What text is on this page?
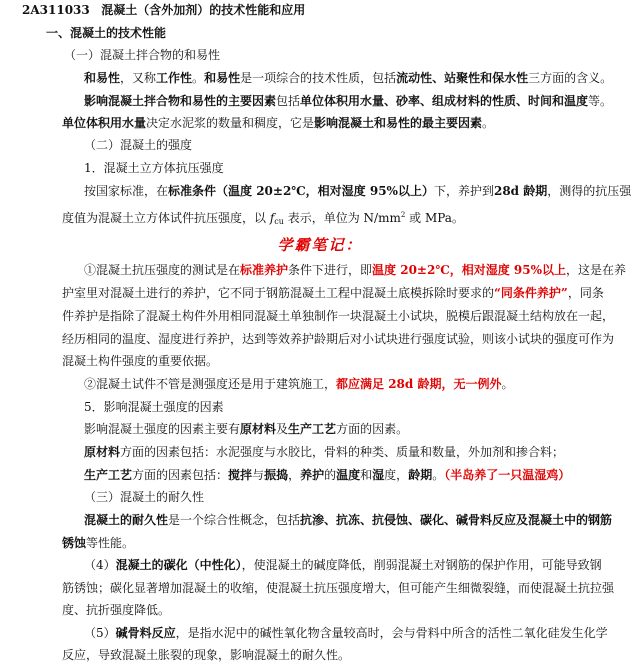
2A311033 混凝土（含外加剂）的技术性能和应用
一、混凝土的技术性能
（一）混凝土拌合物的和易性
和易性，又称工作性。和易性是一项综合的技术性质，包括流动性、站聚性和保水性三方面的含义。
影响混凝土拌合物和易性的主要因素包括单位体积用水量、砂率、组成材料的性质、时间和温度等。
单位体积用水量决定水泥浆的数量和稠度，它是影响混凝土和易性的最主要因素。
（二）混凝土的强度
1．混凝土立方体抗压强度
按国家标准，在标准条件（温度 20±2℃，相对湿度 95%以上）下，养护到28d 龄期，测得的抗压强
度值为混凝土立方体试件抗压强度，以 $f_{cu}$ 表示，单位为 $N/mm^2$ 或 MPa。
学霸笔记：
①混凝土抗压强度的测试是在标准养护条件下进行，即温度 20±2℃，相对湿度 95%以上，这是在养
护室里对混凝土进行的养护，它不同于钢筋混凝土工程中混凝土底模拆除时要求的“同条件养护”，同条
件养护是指除了混凝土构件外用相同混凝土单独制作一块混凝土小试块，脱模后跟混凝土结构放在一起，
经历相同的温度、湿度进行养护，达到等效养护龄期后对小试块进行强度试验，则该小试块的强度可作为
混凝土构件强度的重要依据。
②混凝土试件不管是测强度还是用于建筑施工，都应满足 28d 龄期，无一例外。
5．影响混凝土强度的因素
影响混凝土强度的因素主要有原材料及生产工艺方面的因素。
原材料方面的因素包括：水泥强度与水胶比，骨料的种类、质量和数量，外加剂和掺合料；
生产工艺方面的因素包括：搅拌与振捣，养护的温度和湿度，龄期。（半岛养了一只温湿鸡）
（三）混凝土的耐久性
混凝土的耐久性是一个综合性概念，包括抗渗、抗冻、抗侵蚀、碳化、碱骨料反应及混凝土中的钢筋
锈蚀等性能。
（4）混凝土的碳化（中性化），使混凝土的碱度降低，削弱混凝土对钢筋的保护作用，可能导致钢
筋锈蚀；碳化显著增加混凝土的收缩，使混凝土抗压强度增大，但可能产生细微裂缝，而使混凝土抗拉强
度、抗折强度降低。
（5）碱骨料反应，是指水泥中的碱性氧化物含量较高时，会与骨料中所含的活性二氧化硅发生化学
反应，导致混凝土胀裂的现象，影响混凝土的耐久性。
